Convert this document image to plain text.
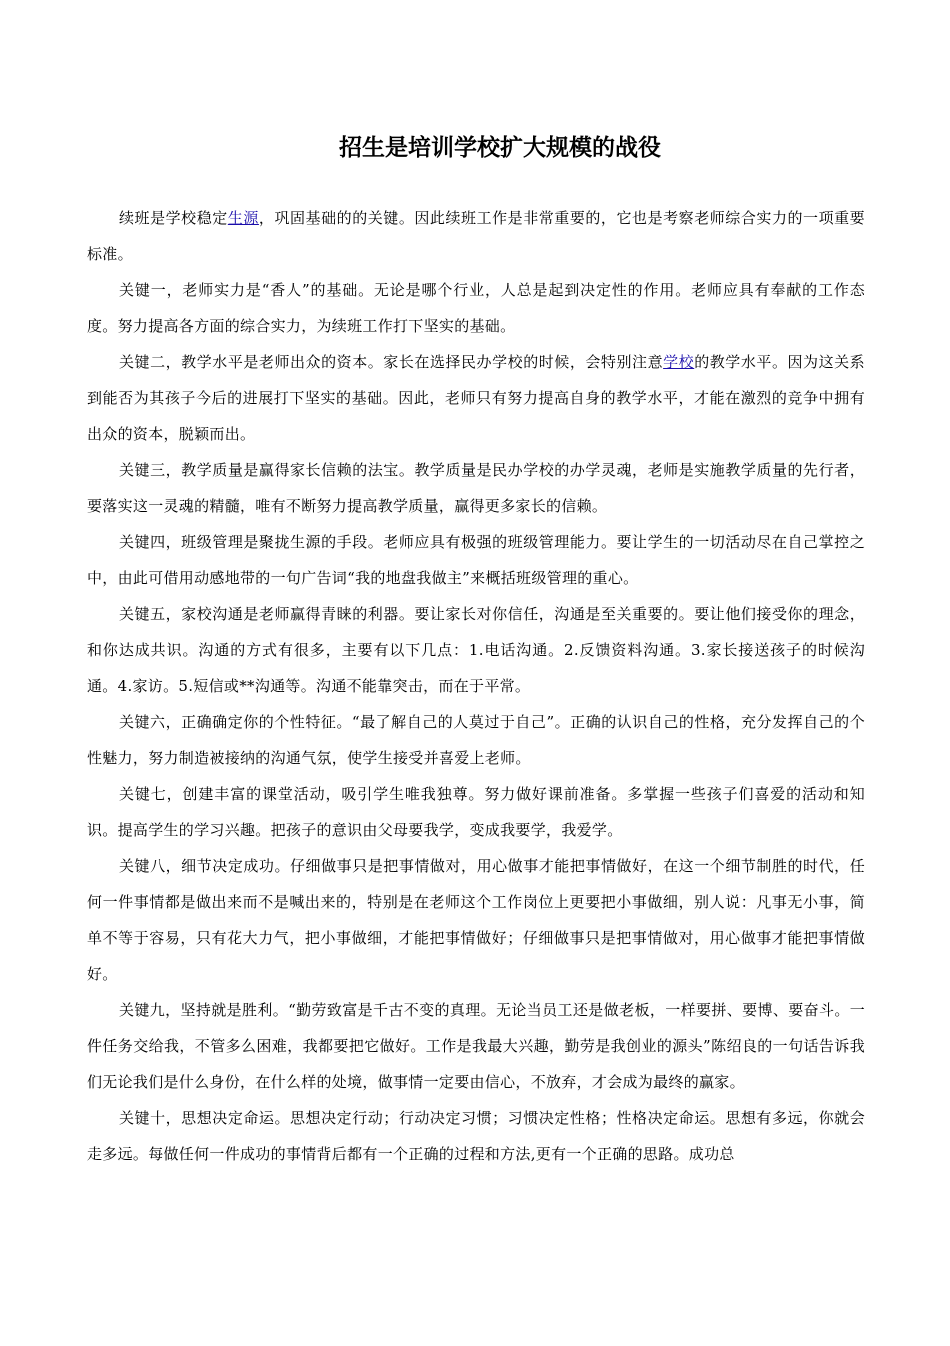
招生是培训学校扩大规模的战役

续班是学校稳定生源，巩固基础的的关键。因此续班工作是非常重要的，它也是考察老师综合实力的一项重要标准。

关键一，老师实力是“香人”的基础。无论是哪个行业，人总是起到决定性的作用。老师应具有奉献的工作态度。努力提高各方面的综合实力，为续班工作打下坚实的基础。

关键二，教学水平是老师出众的资本。家长在选择民办学校的时候，会特别注意学校的教学水平。因为这关系到能否为其孩子今后的进展打下坚实的基础。因此，老师只有努力提高自身的教学水平，才能在激烈的竞争中拥有出众的资本，脱颖而出。

关键三，教学质量是赢得家长信赖的法宝。教学质量是民办学校的办学灵魂，老师是实施教学质量的先行者，要落实这一灵魂的精髓，唯有不断努力提高教学质量，赢得更多家长的信赖。

关键四，班级管理是聚拢生源的手段。老师应具有极强的班级管理能力。要让学生的一切活动尽在自己掌控之中，由此可借用动感地带的一句广告词“我的地盘我做主”来概括班级管理的重心。

关键五，家校沟通是老师赢得青睐的利器。要让家长对你信任，沟通是至关重要的。要让他们接受你的理念，和你达成共识。沟通的方式有很多，主要有以下几点：1.电话沟通。2.反馈资料沟通。3.家长接送孩子的时候沟通。4.家访。5.短信或**沟通等。沟通不能靠突击，而在于平常。

关键六，正确确定你的个性特征。“最了解自己的人莫过于自己”。正确的认识自己的性格，充分发挥自己的个性魅力，努力制造被接纳的沟通气氛，使学生接受并喜爱上老师。

关键七，创建丰富的课堂活动，吸引学生唯我独尊。努力做好课前准备。多掌握一些孩子们喜爱的活动和知识。提高学生的学习兴趣。把孩子的意识由父母要我学，变成我要学，我爱学。

关键八，细节决定成功。仔细做事只是把事情做对，用心做事才能把事情做好，在这一个细节制胜的时代，任何一件事情都是做出来而不是喊出来的，特别是在老师这个工作岗位上更要把小事做细，别人说：凡事无小事，简单不等于容易，只有花大力气，把小事做细，才能把事情做好；仔细做事只是把事情做对，用心做事才能把事情做好。

关键九，坚持就是胜利。“勤劳致富是千古不变的真理。无论当员工还是做老板，一样要拼、要博、要奋斗。一件任务交给我，不管多么困难，我都要把它做好。工作是我最大兴趣，勤劳是我创业的源头”陈绍良的一句话告诉我们无论我们是什么身份，在什么样的处境，做事情一定要由信心，不放弃，才会成为最终的赢家。

关键十，思想决定命运。思想决定行动；行动决定习惯；习惯决定性格；性格决定命运。思想有多远，你就会走多远。每做任何一件成功的事情背后都有一个正确的过程和方法,更有一个正确的思路。成功总
